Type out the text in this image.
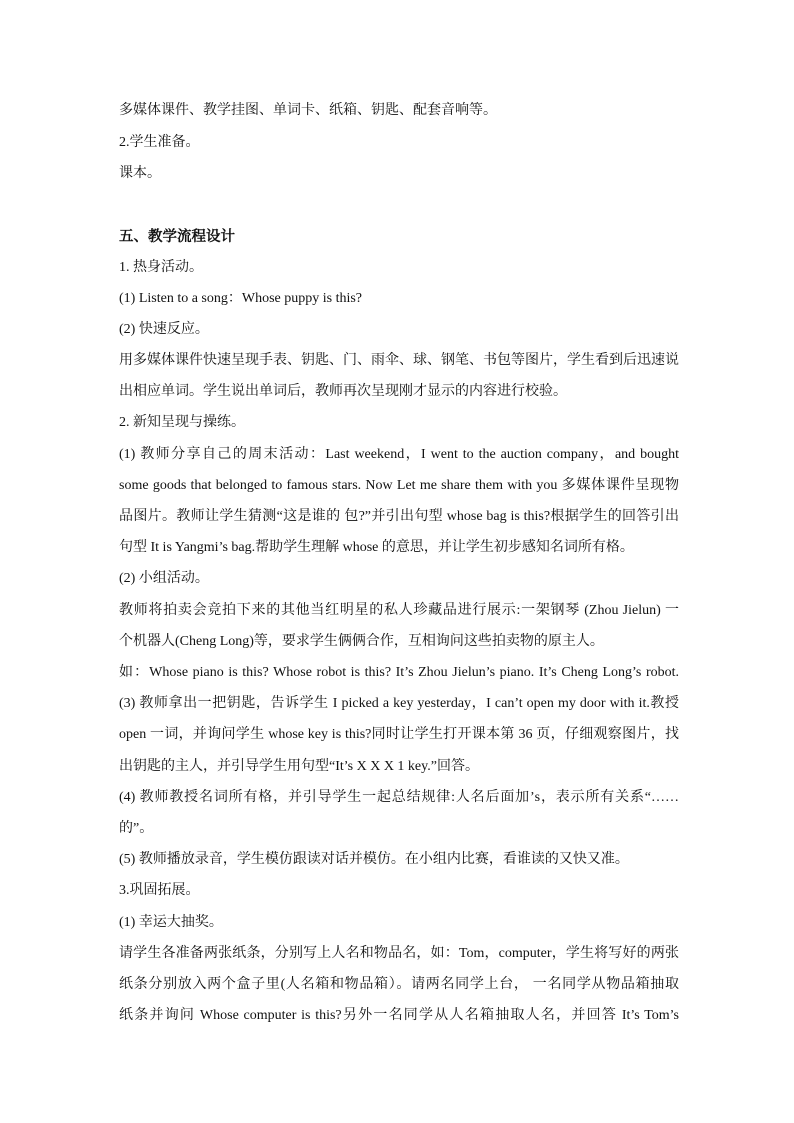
多媒体课件、教学挂图、单词卡、纸箱、钥匙、配套音响等。
2.学生准备。
课本。
五、教学流程设计
1. 热身活动。
(1) Listen to a song：Whose puppy is this?
(2) 快速反应。
用多媒体课件快速呈现手表、钥匙、门、雨伞、球、钢笔、书包等图片，学生看到后迅速说
出相应单词。学生说出单词后，教师再次呈现刚才显示的内容进行校验。
2. 新知呈现与操练。
(1) 教师分享自己的周末活动：Last weekend，I went to the auction company，and bought
some goods that belonged to famous stars. Now Let me share them with you 多媒体课件呈现物
品图片。教师让学生猜测“这是谁的 包?”并引出句型 whose bag is this?根据学生的回答引出
句型 It is Yangmi’s bag.帮助学生理解 whose 的意思，并让学生初步感知名词所有格。
(2) 小组活动。
教师将拍卖会竞拍下来的其他当红明星的私人珍藏品进行展示:一架钢琴 (Zhou Jielun) 一
个机器人(Cheng Long)等，要求学生俩俩合作，互相询问这些拍卖物的原主人。
如：Whose piano is this? Whose robot is this? It’s Zhou Jielun’s piano. It’s Cheng Long’s robot.
(3) 教师拿出一把钥匙，告诉学生 I picked a key yesterday，I can’t open my door with it.教授
open 一词，并询问学生 whose key is this?同时让学生打开课本第 36 页，仔细观察图片，找
出钥匙的主人，并引导学生用句型“It’s X X X 1 key.”回答。
(4) 教师教授名词所有格，并引导学生一起总结规律:人名后面加’s，表示所有关系“……
的”。
(5) 教师播放录音，学生模仿跟读对话并模仿。在小组内比赛，看谁读的又快又准。
3.巩固拓展。
(1) 幸运大抽奖。
请学生各准备两张纸条，分别写上人名和物品名，如：Tom，computer，学生将写好的两张
纸条分别放入两个盒子里(人名箱和物品箱）。请两名同学上台， 一名同学从物品箱抽取
纸条并询问 Whose computer is this?另外一名同学从人名箱抽取人名，并回答 It’s Tom’s
